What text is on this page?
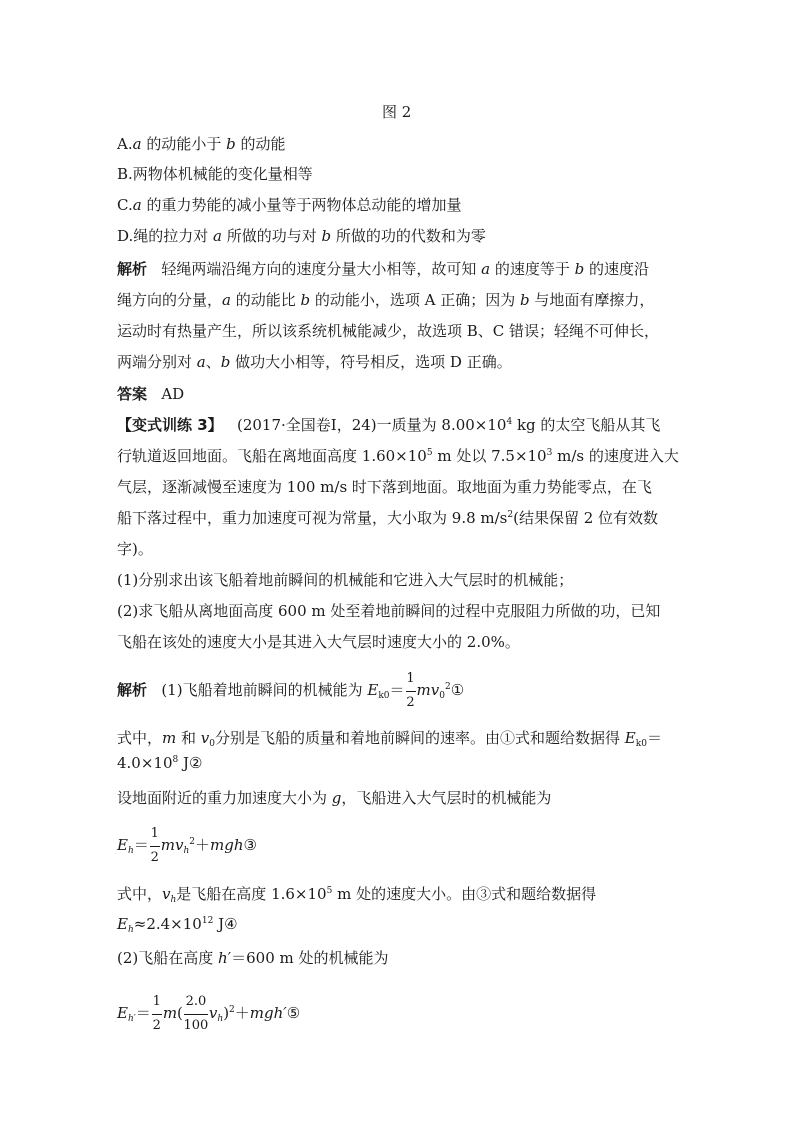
图 2
A.a 的动能小于 b 的动能
B.两物体机械能的变化量相等
C.a 的重力势能的减小量等于两物体总动能的增加量
D.绳的拉力对 a 所做的功与对 b 所做的功的代数和为零
解析 轻绳两端沿绳方向的速度分量大小相等，故可知 a 的速度等于 b 的速度沿
绳方向的分量，a 的动能比 b 的动能小，选项 A 正确；因为 b 与地面有摩擦力，
运动时有热量产生，所以该系统机械能减少，故选项 B、C 错误；轻绳不可伸长，
两端分别对 a、b 做功大小相等，符号相反，选项 D 正确。
答案 AD
【变式训练 3】 (2017·全国卷Ⅰ，24)一质量为 $8.00\times 10^4$ kg 的太空飞船从其飞
行轨道返回地面。飞船在离地面高度 $1.60\times 10^5$ m 处以 $7.5\times 10^3$ m/s 的速度进入大
气层，逐渐减慢至速度为 100 m/s 时下落到地面。取地面为重力势能零点，在飞
船下落过程中，重力加速度可视为常量，大小取为 9.8 $m/s^2$(结果保留 2 位有效数
字)。
(1)分别求出该飞船着地前瞬间的机械能和它进入大气层时的机械能；
(2)求飞船从离地面高度 600 m 处至着地前瞬间的过程中克服阻力所做的功，已知
飞船在该处的速度大小是其进入大气层时速度大小的 2.0%。
解析 (1)飞船着地前瞬间的机械能为 $E_{k0}= \frac{1}{2}$ $mv_0^2①$
式中，m 和 $v_0$分别是飞船的质量和着地前瞬间的速率。由①式和题给数据得 $E_{k0}=$
$4.0\times 10^8$ J②
设地面附近的重力加速度大小为 g，飞船进入大气层时的机械能为
$E_h= \frac{1}{2}$ $mv_h^2+mgh③$
式中，$v_h$是飞船在高度 $1.6\times 10^5$ m 处的速度大小。由③式和题给数据得
$E_h\approx 2.4\times 10^{12}$ J④
(2)飞船在高度 h′＝600 m 处的机械能为
$E_{h'}= \frac{1}{2} m( \frac{2.0}{100}$ $v_h)^2+mgh'⑤$
